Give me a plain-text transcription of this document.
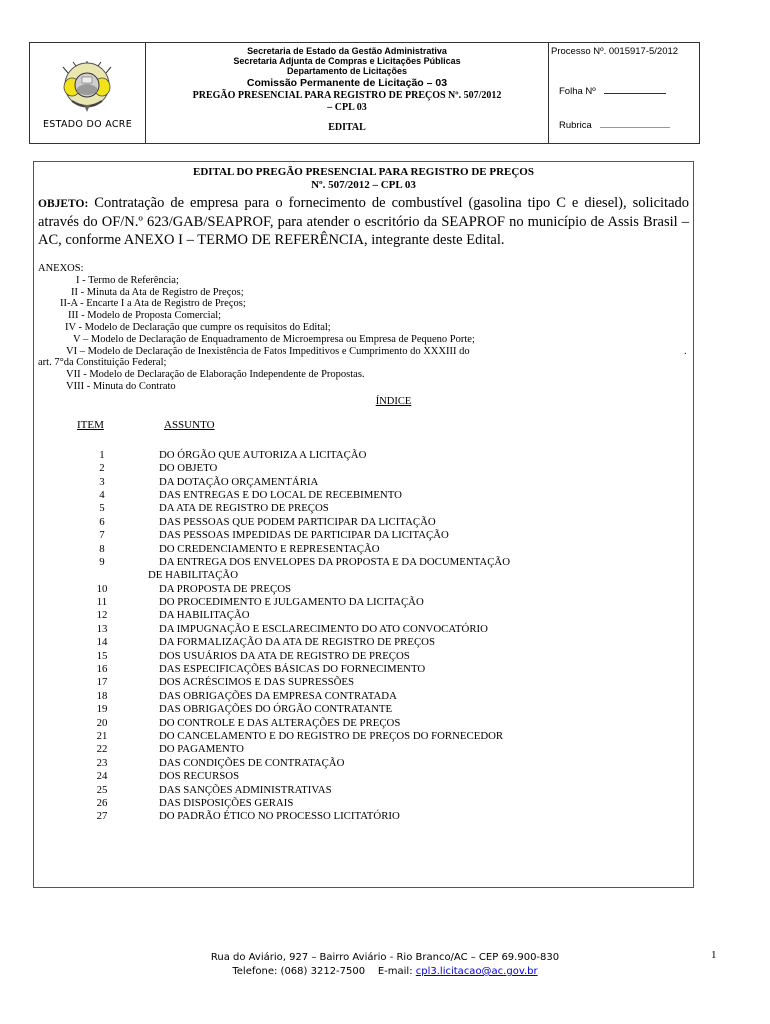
ESTADO DO ACRE
Secretaria de Estado da Gestão Administrativa
Secretaria Adjunta de Compras e Licitações Públicas
Departamento de Licitações
Comissão Permanente de Licitação – 03
PREGÃO PRESENCIAL PARA REGISTRO DE PREÇOS Nº. 507/2012
– CPL 03
EDITAL
Processo Nº. 0015917-5/2012
Folha Nº
Rubrica
EDITAL DO PREGÃO PRESENCIAL PARA REGISTRO DE PREÇOS
Nº. 507/2012 – CPL 03
OBJETO: Contratação de empresa para o fornecimento de combustível (gasolina tipo C e diesel), solicitado através do OF/N.º 623/GAB/SEAPROF, para atender o escritório da SEAPROF no município de Assis Brasil – AC, conforme ANEXO I – TERMO DE REFERÊNCIA, integrante deste Edital.
ANEXOS:
I - Termo de Referência;
II - Minuta da Ata de Registro de Preços;
II-A - Encarte I a Ata de Registro de Preços;
III - Modelo de Proposta Comercial;
IV - Modelo de Declaração que cumpre os requisitos do Edital;
V – Modelo de Declaração de Enquadramento de Microempresa ou Empresa de Pequeno Porte;
VI – Modelo de Declaração de Inexistência de Fatos Impeditivos e Cumprimento do XXXIII do	.
art. 7°da Constituição Federal;
VII - Modelo de Declaração de Elaboração Independente de Propostas.
VIII - Minuta do Contrato
ÍNDICE
ITEM	ASSUNTO
1	DO ÓRGÃO QUE AUTORIZA A LICITAÇÃO
2	DO OBJETO
3	DA DOTAÇÃO ORÇAMENTÁRIA
4	DAS ENTREGAS E DO LOCAL DE RECEBIMENTO
5	DA ATA DE REGISTRO DE PREÇOS
6	DAS PESSOAS QUE PODEM PARTICIPAR DA LICITAÇÃO
7	DAS PESSOAS IMPEDIDAS DE PARTICIPAR DA LICITAÇÃO
8	DO CREDENCIAMENTO E REPRESENTAÇÃO
9	DA ENTREGA DOS ENVELOPES DA PROPOSTA E DA DOCUMENTAÇÃO
DE HABILITAÇÃO
10	DA PROPOSTA DE PREÇOS
11	DO PROCEDIMENTO E JULGAMENTO DA LICITAÇÃO
12	DA HABILITAÇÃO
13	DA IMPUGNAÇÃO E ESCLARECIMENTO DO ATO CONVOCATÓRIO
14	DA FORMALIZAÇÃO DA ATA DE REGISTRO DE PREÇOS
15	DOS USUÁRIOS DA ATA DE REGISTRO DE PREÇOS
16	DAS ESPECIFICAÇÕES BÁSICAS DO FORNECIMENTO
17	DOS ACRÉSCIMOS E DAS SUPRESSÕES
18	DAS OBRIGAÇÕES DA EMPRESA CONTRATADA
19	DAS OBRIGAÇÕES DO ÓRGÃO CONTRATANTE
20	DO CONTROLE E DAS ALTERAÇÕES DE PREÇOS
21	DO CANCELAMENTO E DO REGISTRO DE PREÇOS DO FORNECEDOR
22	DO PAGAMENTO
23	DAS CONDIÇÕES DE CONTRATAÇÃO
24	DOS RECURSOS
25	DAS SANÇÕES ADMINISTRATIVAS
26	DAS DISPOSIÇÕES GERAIS
27	DO PADRÃO ÉTICO NO PROCESSO LICITATÓRIO
Rua do Aviário, 927 – Bairro Aviário - Rio Branco/AC – CEP 69.900-830
Telefone: (068) 3212-7500 E-mail: cpl3.licitacao@ac.gov.br
1
